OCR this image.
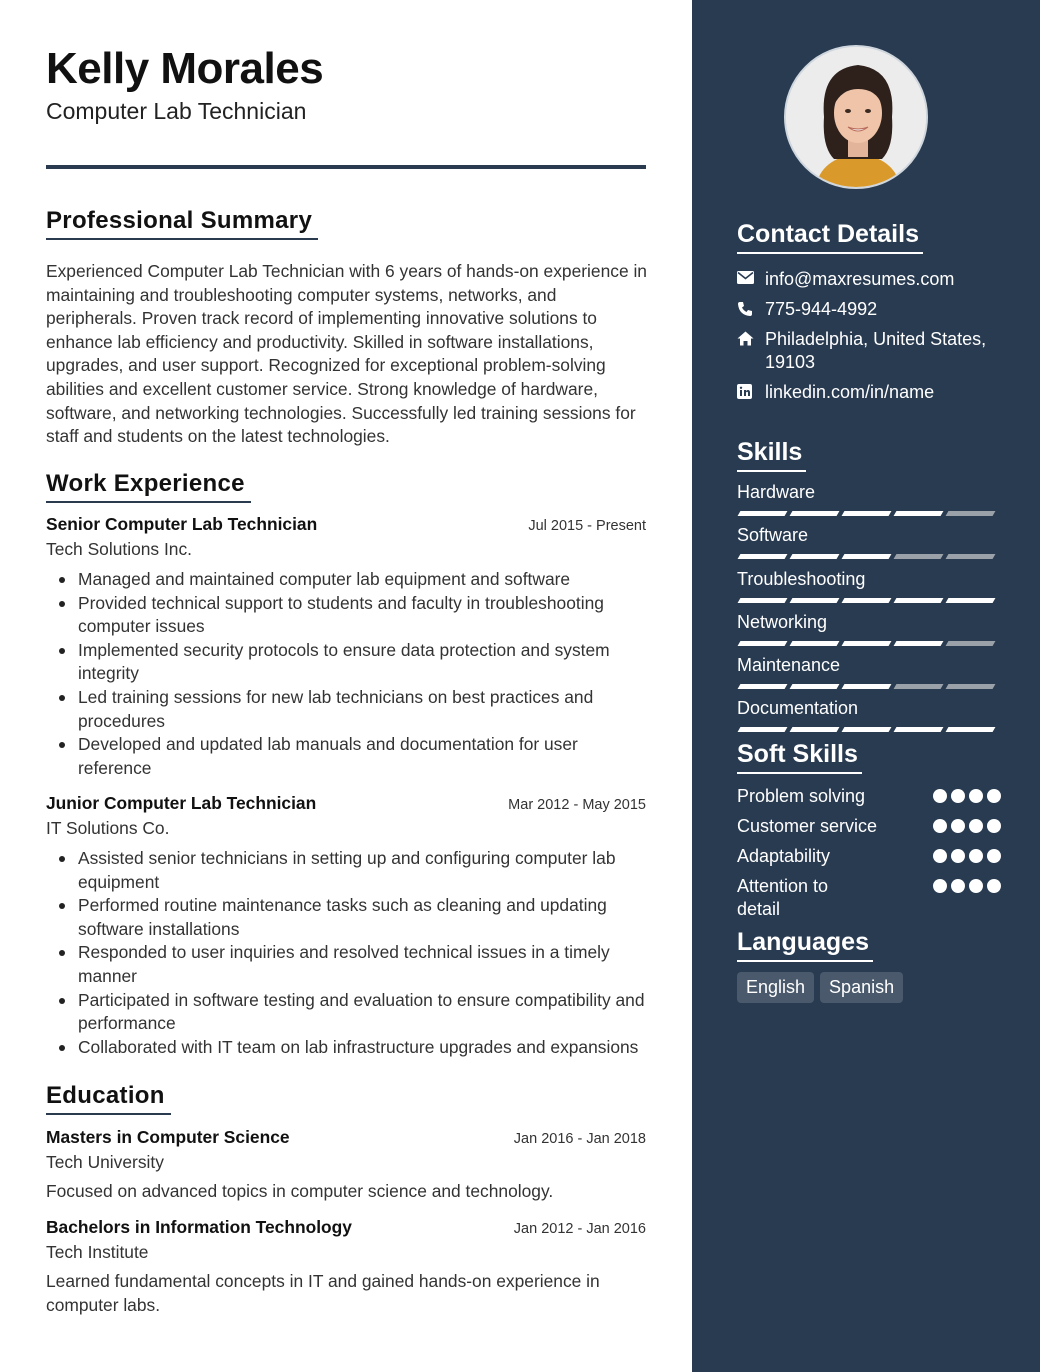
Kelly Morales
Computer Lab Technician
Professional Summary
Experienced Computer Lab Technician with 6 years of hands-on experience in maintaining and troubleshooting computer systems, networks, and peripherals. Proven track record of implementing innovative solutions to enhance lab efficiency and productivity. Skilled in software installations, upgrades, and user support. Recognized for exceptional problem-solving abilities and excellent customer service. Strong knowledge of hardware, software, and networking technologies. Successfully led training sessions for staff and students on the latest technologies.
Work Experience
Senior Computer Lab Technician	Jul 2015 - Present
Tech Solutions Inc.
Managed and maintained computer lab equipment and software
Provided technical support to students and faculty in troubleshooting computer issues
Implemented security protocols to ensure data protection and system integrity
Led training sessions for new lab technicians on best practices and procedures
Developed and updated lab manuals and documentation for user reference
Junior Computer Lab Technician	Mar 2012 - May 2015
IT Solutions Co.
Assisted senior technicians in setting up and configuring computer lab equipment
Performed routine maintenance tasks such as cleaning and updating software installations
Responded to user inquiries and resolved technical issues in a timely manner
Participated in software testing and evaluation to ensure compatibility and performance
Collaborated with IT team on lab infrastructure upgrades and expansions
Education
Masters in Computer Science	Jan 2016 - Jan 2018
Tech University
Focused on advanced topics in computer science and technology.
Bachelors in Information Technology	Jan 2012 - Jan 2016
Tech Institute
Learned fundamental concepts in IT and gained hands-on experience in computer labs.
Contact Details
info@maxresumes.com
775-944-4992
Philadelphia, United States, 19103
linkedin.com/in/name
Skills
Hardware
Software
Troubleshooting
Networking
Maintenance
Documentation
Soft Skills
Problem solving
Customer service
Adaptability
Attention to detail
Languages
English	Spanish
